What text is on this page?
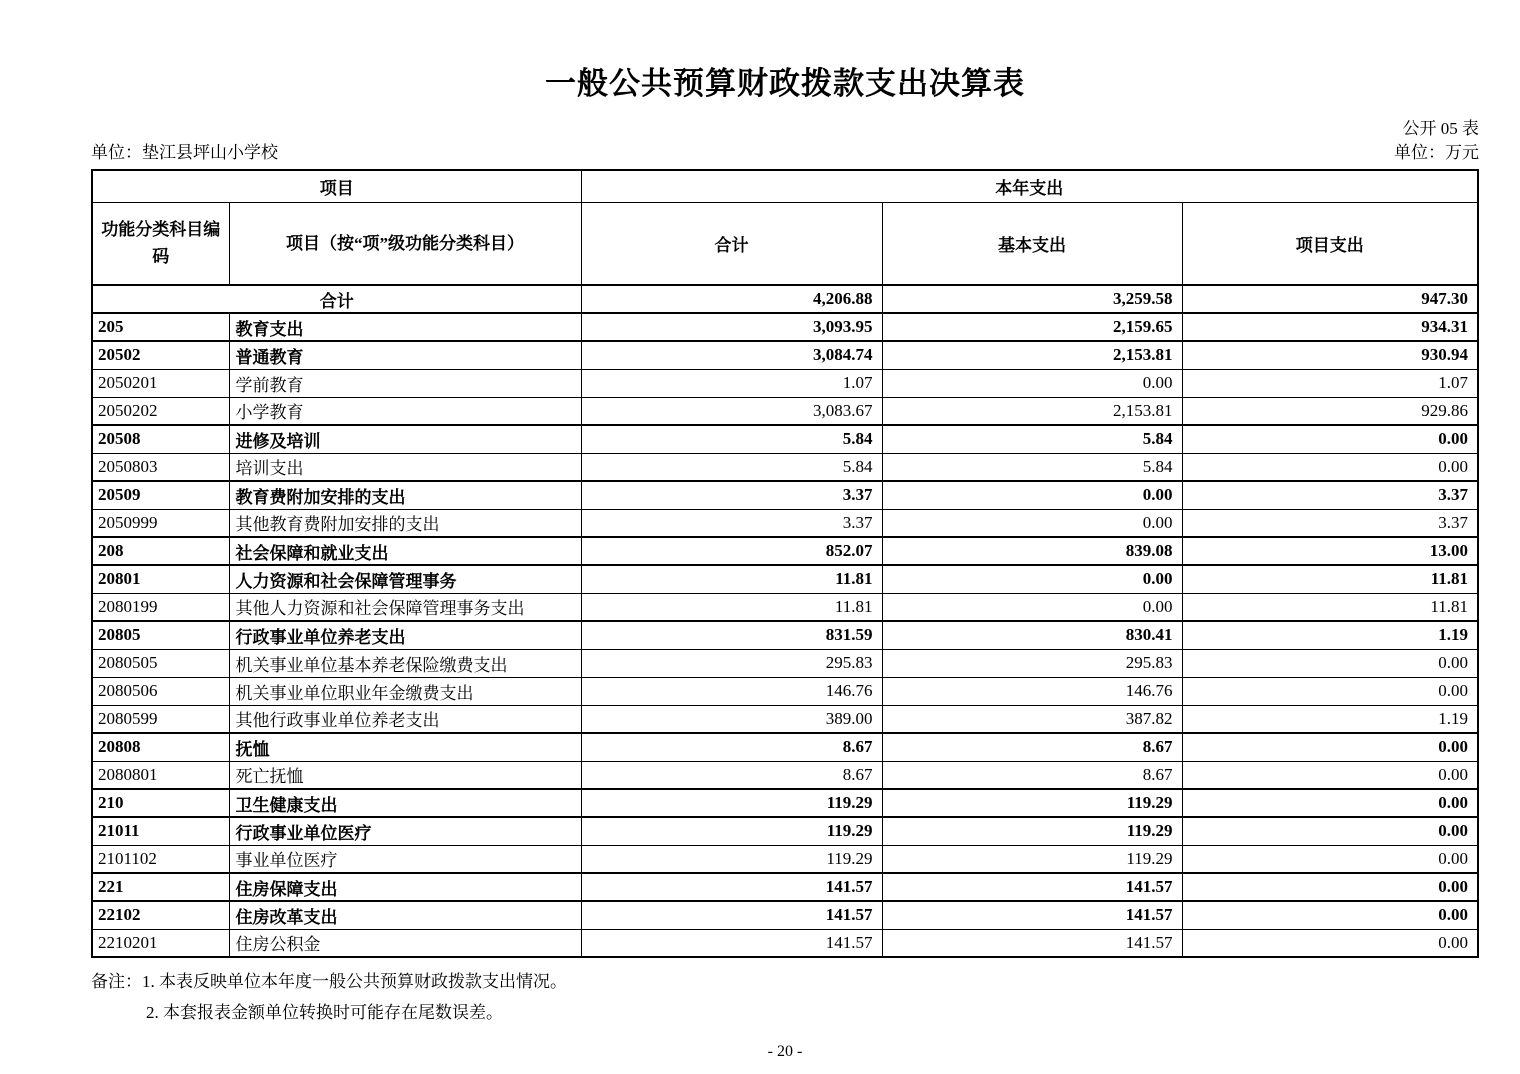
一般公共预算财政拨款支出决算表
公开 05 表
单位：垫江县坪山小学校	单位：万元
项目		本年支出		
功能分类科目编码	项目（按“项”级功能分类科目）	合计	基本支出	项目支出
合计		4,206.88	3,259.58	947.30
205	教育支出	3,093.95	2,159.65	934.31
20502	普通教育	3,084.74	2,153.81	930.94
2050201	学前教育	1.07	0.00	1.07
2050202	小学教育	3,083.67	2,153.81	929.86
20508	进修及培训	5.84	5.84	0.00
2050803	培训支出	5.84	5.84	0.00
20509	教育费附加安排的支出	3.37	0.00	3.37
2050999	其他教育费附加安排的支出	3.37	0.00	3.37
208	社会保障和就业支出	852.07	839.08	13.00
20801	人力资源和社会保障管理事务	11.81	0.00	11.81
2080199	其他人力资源和社会保障管理事务支出	11.81	0.00	11.81
20805	行政事业单位养老支出	831.59	830.41	1.19
2080505	机关事业单位基本养老保险缴费支出	295.83	295.83	0.00
2080506	机关事业单位职业年金缴费支出	146.76	146.76	0.00
2080599	其他行政事业单位养老支出	389.00	387.82	1.19
20808	抚恤	8.67	8.67	0.00
2080801	死亡抚恤	8.67	8.67	0.00
210	卫生健康支出	119.29	119.29	0.00
21011	行政事业单位医疗	119.29	119.29	0.00
2101102	事业单位医疗	119.29	119.29	0.00
221	住房保障支出	141.57	141.57	0.00
22102	住房改革支出	141.57	141.57	0.00
2210201	住房公积金	141.57	141.57	0.00
备注：1. 本表反映单位本年度一般公共预算财政拨款支出情况。
2. 本套报表金额单位转换时可能存在尾数误差。
- 20 -
